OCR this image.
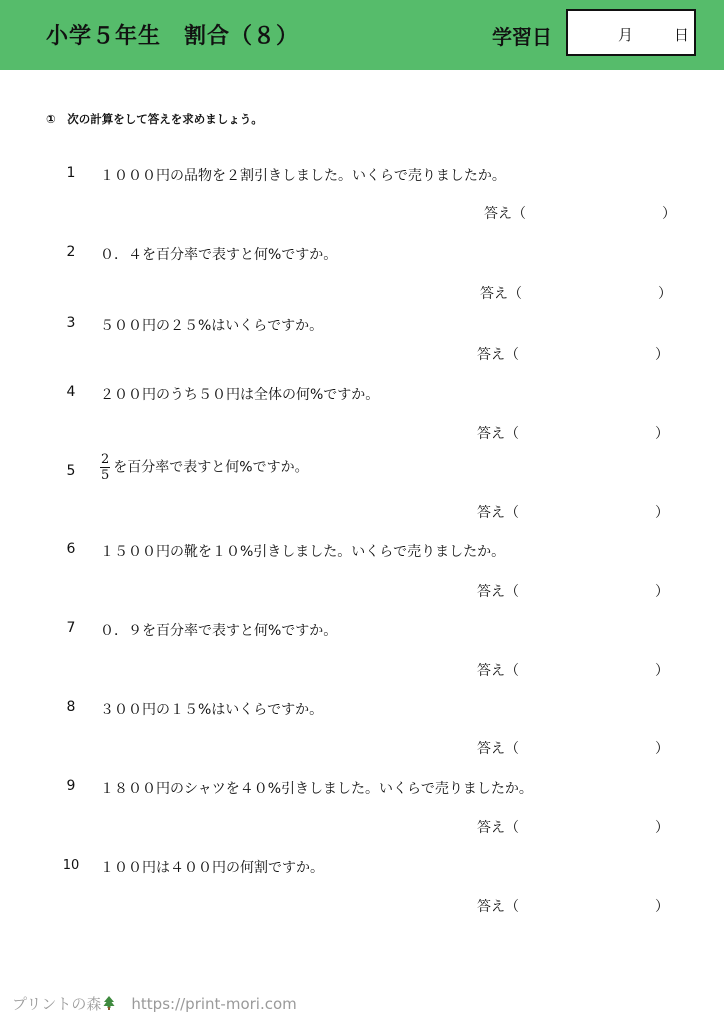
小学５年生　割合（８）	学習日	月	日
①　次の計算をして答えを求めましょう。
1	１０００円の品物を２割引きしました。いくらで売りましたか。
答え（	）
2	０．４を百分率で表すと何%ですか。
答え（	）
3	５００円の２５%はいくらですか。
答え（	）
4	２００円のうち５０円は全体の何%ですか。
答え（	）
5	$\frac{2}{5}$ を百分率で表すと何%ですか。
答え（	）
6	１５００円の靴を１０%引きしました。いくらで売りましたか。
答え（	）
7	０．９を百分率で表すと何%ですか。
答え（	）
8	３００円の１５%はいくらですか。
答え（	）
9	１８００円のシャツを４０%引きしました。いくらで売りましたか。
答え（	）
10 １００円は４００円の何割ですか。
答え（	）
プリントの森 https://print-mori.com
